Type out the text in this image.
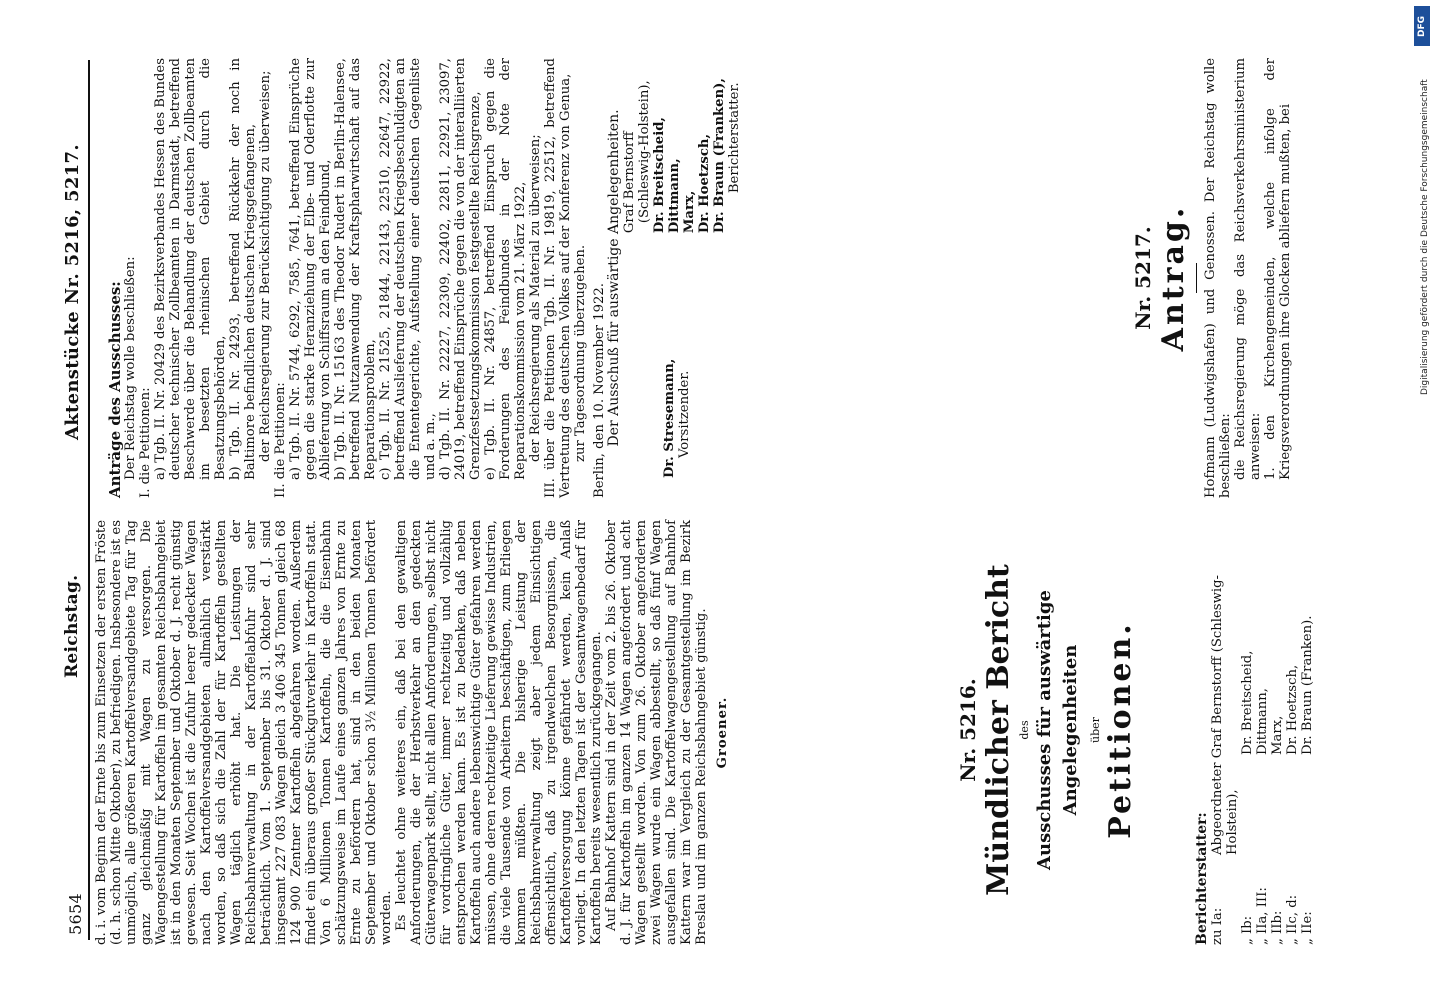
5654
Reichstag.
Aktenstücke Nr. 5216, 5217.

d. i. vom Beginn der Ernte bis zum Einsetzen der ersten Fröste (d. h. schon Mitte Oktober), zu befriedigen. Insbesondere ist es unmöglich, alle größeren Kartoffelversandgebiete Tag für Tag ganz gleichmäßig mit Wagen zu versorgen. Die Wagengestellung für Kartoffeln im gesamten Reichsbahngebiet ist in den Monaten September und Oktober d. J. recht günstig gewesen. Seit Wochen ist die Zufuhr leerer gedeckter Wagen nach den Kartoffelversandgebieten allmählich verstärkt worden, so daß sich die Zahl der für Kartoffeln gestellten Wagen täglich erhöht hat. Die Leistungen der Reichsbahnverwaltung in der Kartoffelabfuhr sind sehr beträchtlich. Vom 1. September bis 31. Oktober d. J. sind insgesamt 227 083 Wagen gleich 3 406 345 Tonnen gleich 68 124 900 Zentner Kartoffeln abgefahren worden. Außerdem findet ein überaus großer Stückgutverkehr in Kartoffeln statt. Von 6 Millionen Tonnen Kartoffeln, die die Eisenbahn schätzungsweise im Laufe eines ganzen Jahres von Ernte zu Ernte zu befördern hat, sind in den beiden Monaten September und Oktober schon 3½ Millionen Tonnen befördert worden. Es leuchtet ohne weiteres ein, daß bei den gewaltigen Anforderungen, die der Herbstverkehr an den gedeckten Güterwagenpark stellt, nicht allen Anforderungen, selbst nicht für vordringliche Güter, immer rechtzeitig und vollzählig entsprochen werden kann. Es ist zu bedenken, daß neben Kartoffeln auch andere lebenswichtige Güter gefahren werden müssen, ohne deren rechtzeitige Lieferung gewisse Industrien, die viele Tausende von Arbeitern beschäftigen, zum Erliegen kommen müßten. Die bisherige Leistung der Reichsbahnverwaltung zeigt aber jedem Einsichtigen offensichtlich, daß zu irgendwelchen Besorgnissen, die Kartoffelversorgung könne gefährdet werden, kein Anlaß vorliegt. In den letzten Tagen ist der Gesamtwagenbedarf für Kartoffeln bereits wesentlich zurückgegangen. Auf Bahnhof Kattern sind in der Zeit vom 2. bis 26. Oktober d. J. für Kartoffeln im ganzen 14 Wagen angefordert und acht Wagen gestellt worden. Von zum 26. Oktober angeforderten zwei Wagen wurde ein Wagen abbestellt, so daß fünf Wagen ausgefallen sind. Die Kartoffelwagengestellung auf Bahnhof Kattern war im Vergleich zu der Gesamtgestellung im Bezirk Breslau und im ganzen Reichsbahngebiet günstig. Groener.	Nr. 5216. Mündlicher Bericht des Ausschusses für auswärtige Angelegenheiten über Petitionen.
Berichterstatter: zu Ia:	Abgeordneter Graf Bernstorff (Schleswig-Holstein),
„ Ib:	Dr. Breitscheid,
„ IIa, III:	Dittmann,
„ IIb:	Marx,
„ IIc, d:	Dr. Hoetzsch,
„ IIe:	Dr. Braun (Franken).
Anträge des Ausschusses: Der Reichstag wolle beschließen: I. die Petitionen: a) Tgb. II. Nr. 20429 des Bezirksverbandes Hessen des Bundes deutscher technischer Zollbeamten in Darmstadt, betreffend Beschwerde über die Behandlung der deutschen Zollbeamten im besetzten rheinischen Gebiet durch die Besatzungsbehörden, b) Tgb. II. Nr. 24293, betreffend Rückkehr der noch in Baltimore befindlichen deutschen Kriegsgefangenen, der Reichsregierung zur Berücksichtigung zu überweisen; II. die Petitionen: a) Tgb. II. Nr. 5744, 6292, 7585, 7641, betreffend Einsprüche gegen die starke Heranziehung der Elbe- und Oderflotte zur Ablieferung von Schiffsraum an den Feindbund, b) Tgb. II. Nr. 15163 des Theodor Rudert in Berlin-Halensee, betreffend Nutzanwendung der Kraftspharwirtschaft auf das Reparationsproblem, c) Tgb. II. Nr. 21525, 21844, 22143, 22510, 22647, 22922, betreffend Auslieferung der deutschen Kriegsbeschuldigten an die Ententegerichte, Aufstellung einer deutschen Gegenliste und a. m., d) Tgb. II. Nr. 22227, 22309, 22402, 22811, 22921, 23097, 24019, betreffend Einsprüche gegen die von der interalliierten Grenzfestsetzungskommission festgestellte Reichsgrenze, e) Tgb. II. Nr. 24857, betreffend Einspruch gegen die Forderungen des Feindbundes in der Note der Reparationskommission vom 21. März 1922, der Reichsregierung als Material zu überweisen; III. über die Petitionen Tgb. II. Nr. 19819, 22512, betreffend Vertretung des deutschen Volkes auf der Konferenz von Genua, zur Tagesordnung überzugehen. Berlin, den 10. November 1922. Der Ausschuß für auswärtige Angelegenheiten.	Dr. Stresemann, Vorsitzender.
Graf Bernstorff (Schleswig-Holstein), Dr. Breitscheid, Dittmann, Marx, Dr. Hoetzsch, Dr. Braun (Franken), Berichterstatter.
Nr. 5217. Antrag. Hofmann (Ludwigshafen) und Genossen. Der Reichstag wolle beschließen: die Reichsregierung möge das Reichsverkehrsministerium anweisen: 1. den Kirchengemeinden, welche infolge der Kriegsverordnungen ihre Glocken abliefern mußten, bei	Digitalisierung gefördert durch die Deutsche Forschungsgemeinschaft
DFG
